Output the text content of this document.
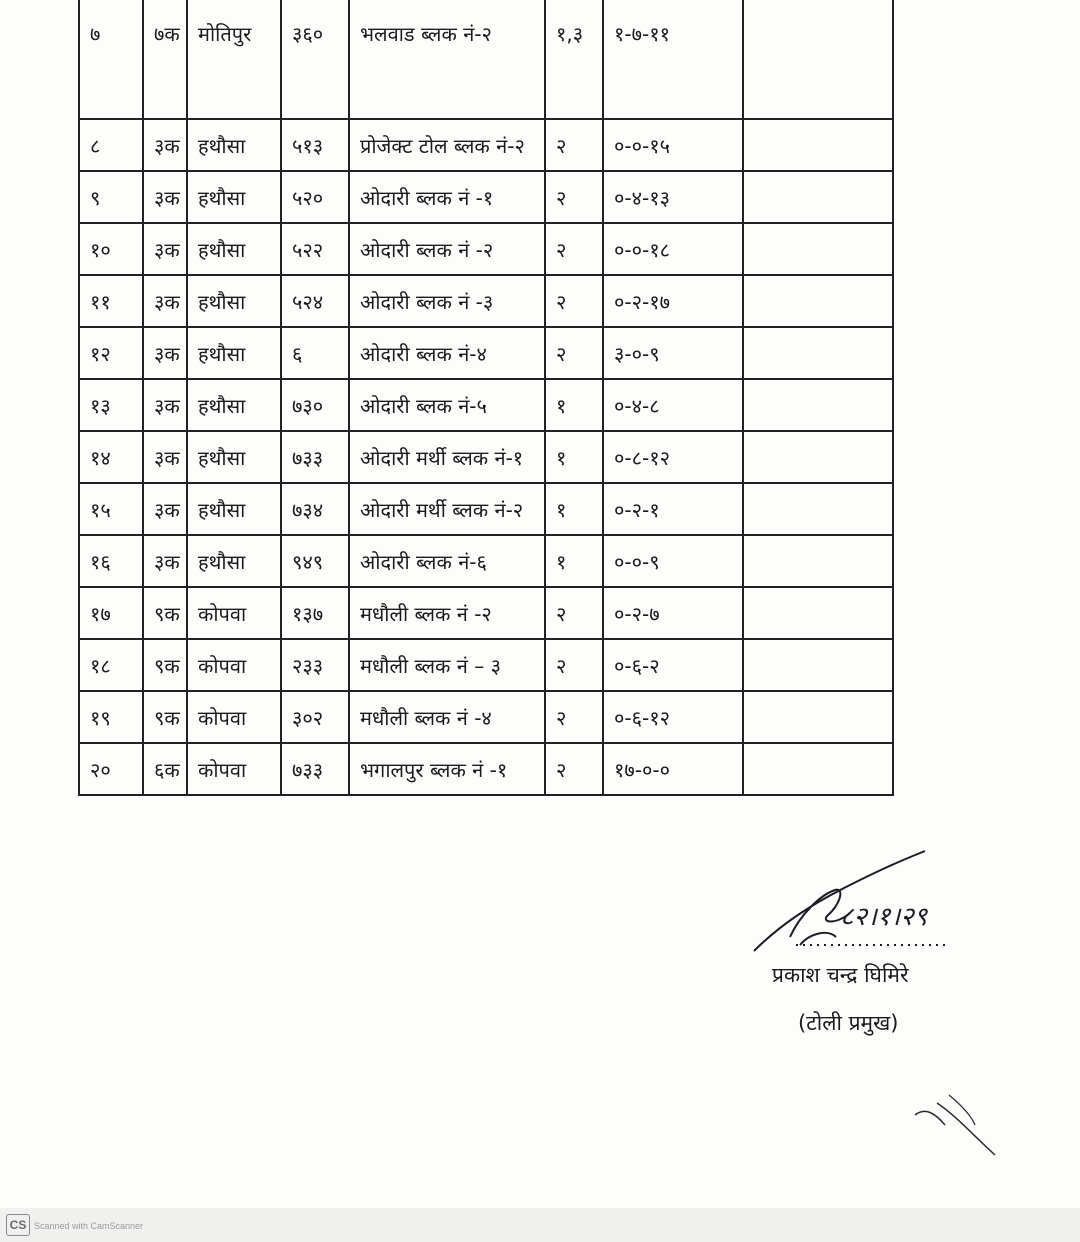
७	७क	मोतिपुर	३६०	भलवाड ब्लक नं-२	१,३	१-७-११	
८	३क	हथौसा	५१३	प्रोजेक्ट टोल ब्लक नं-२	२	०-०-१५	
९	३क	हथौसा	५२०	ओदारी ब्लक नं -१	२	०-४-१३	
१०	३क	हथौसा	५२२	ओदारी ब्लक नं -२	२	०-०-१८	
११	३क	हथौसा	५२४	ओदारी ब्लक नं -३	२	०-२-१७	
१२	३क	हथौसा	६	ओदारी ब्लक नं-४	२	३-०-९	
१३	३क	हथौसा	७३०	ओदारी ब्लक नं-५	१	०-४-८	
१४	३क	हथौसा	७३३	ओदारी मर्थी ब्लक नं-१	१	०-८-१२	
१५	३क	हथौसा	७३४	ओदारी मर्थी ब्लक नं-२	१	०-२-१	
१६	३क	हथौसा	९४९	ओदारी ब्लक नं-६	१	०-०-९	
१७	९क	कोपवा	१३७	मधौली ब्लक नं -२	२	०-२-७	
१८	९क	कोपवा	२३३	मधौली ब्लक नं – ३	२	०-६-२	
१९	९क	कोपवा	३०२	मधौली ब्लक नं -४	२	०-६-१२	
२०	६क	कोपवा	७३३	भगालपुर ब्लक नं -१	२	१७-०-०	
८२।१।२९
प्रकाश चन्द्र घिमिरे
(टोली प्रमुख)
CS Scanned with CamScanner
